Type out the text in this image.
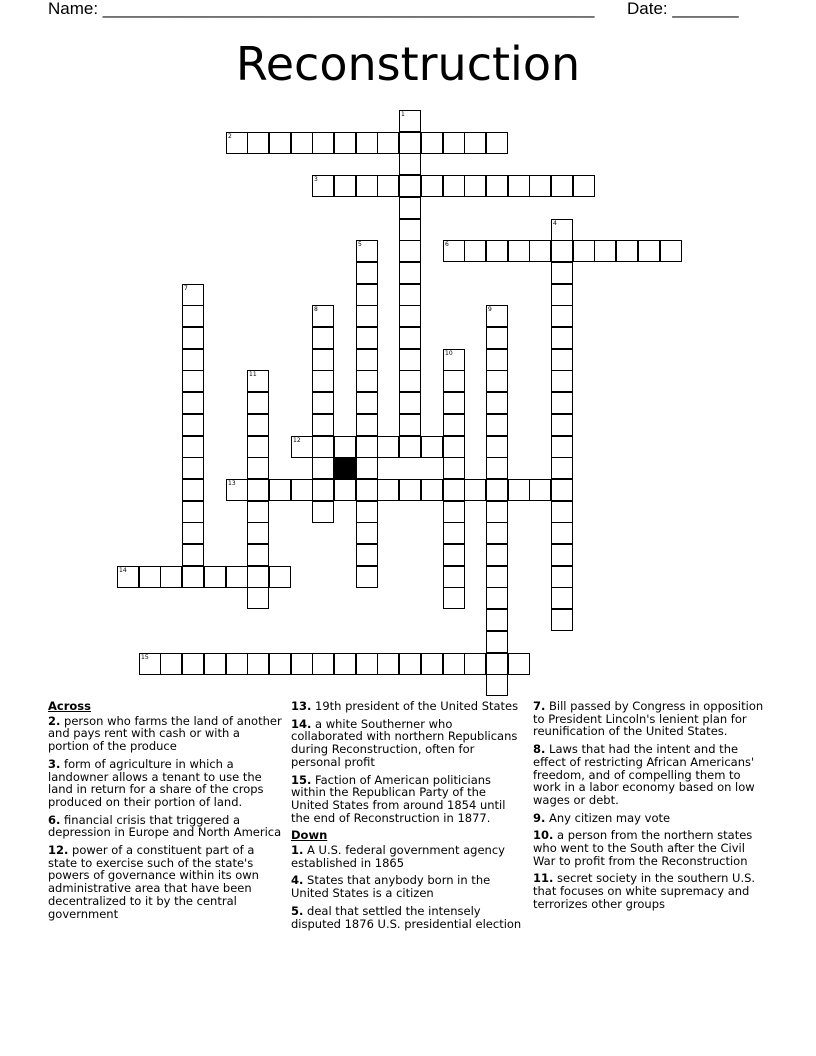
Name: ____________________________________________________ Date: _______
Reconstruction
1
2
3
4
5	6
7
8	9
10
11
12
13
14
15
Across
2. person who farms the land of another and pays rent with cash or with a portion of the produce
3. form of agriculture in which a landowner allows a tenant to use the land in return for a share of the crops produced on their portion of land.
6. financial crisis that triggered a depression in Europe and North America
12. power of a constituent part of a state to exercise such of the state's powers of governance within its own administrative area that have been decentralized to it by the central government
13. 19th president of the United States
14. a white Southerner who collaborated with northern Republicans during Reconstruction, often for personal profit
15. Faction of American politicians within the Republican Party of the United States from around 1854 until the end of Reconstruction in 1877.
Down
1. A U.S. federal government agency established in 1865
4. States that anybody born in the United States is a citizen
5. deal that settled the intensely disputed 1876 U.S. presidential election
7. Bill passed by Congress in opposition to President Lincoln's lenient plan for reunification of the United States.
8. Laws that had the intent and the effect of restricting African Americans' freedom, and of compelling them to work in a labor economy based on low wages or debt.
9. Any citizen may vote
10. a person from the northern states who went to the South after the Civil War to profit from the Reconstruction
11. secret society in the southern U.S. that focuses on white supremacy and terrorizes other groups
